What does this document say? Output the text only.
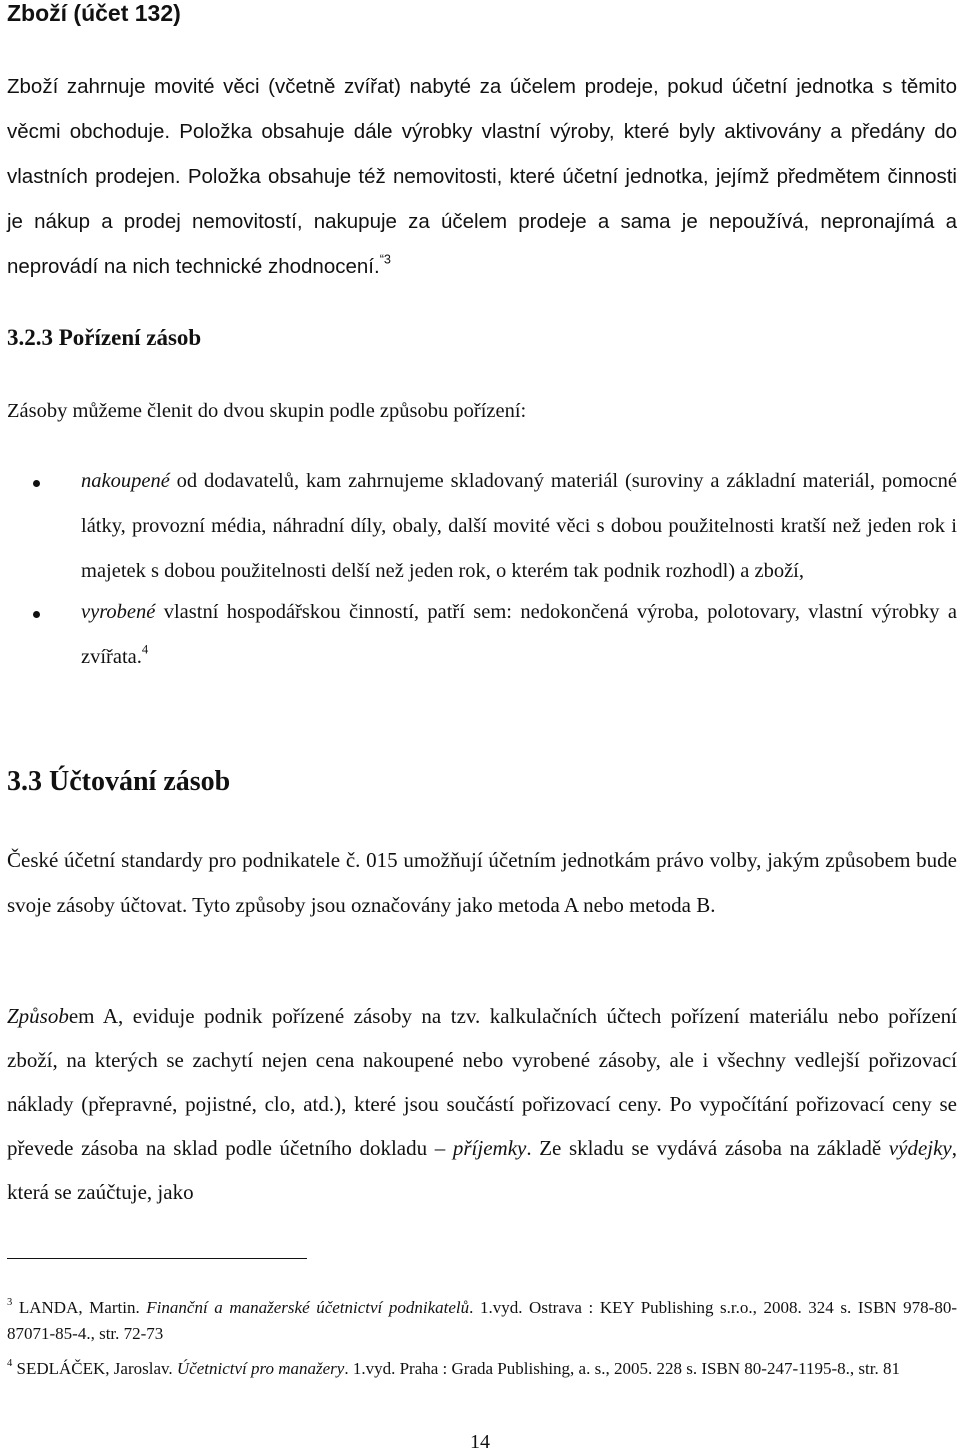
Zboží (účet 132)

Zboží zahrnuje movité věci (včetně zvířat) nabyté za účelem prodeje, pokud účetní jednotka s těmito věcmi obchoduje. Položka obsahuje dále výrobky vlastní výroby, které byly aktivovány a předány do vlastních prodejen. Položka obsahuje též nemovitosti, které účetní jednotka, jejímž předmětem činnosti je nákup a prodej nemovitostí, nakupuje za účelem prodeje a sama je nepoužívá, nepronajímá a neprovádí na nich technické zhodnocení.$^{“3}$

3.2.3 Pořízení zásob

Zásoby můžeme členit do dvou skupin podle způsobu pořízení:

nakoupené od dodavatelů, kam zahrnujeme skladovaný materiál (suroviny a základní materiál, pomocné látky, provozní média, náhradní díly, obaly, další movité věci s dobou použitelnosti kratší než jeden rok i majetek s dobou použitelnosti delší než jeden rok, o kterém tak podnik rozhodl) a zboží,
vyrobené vlastní hospodářskou činností, patří sem: nedokončená výroba, polotovary, vlastní výrobky a zvířata.$^4$
3.3 Účtování zásob

České účetní standardy pro podnikatele č. 015 umožňují účetním jednotkám právo volby, jakým způsobem bude svoje zásoby účtovat. Tyto způsoby jsou označovány jako metoda A nebo metoda B.

Způsobem A, eviduje podnik pořízené zásoby na tzv. kalkulačních účtech pořízení materiálu nebo pořízení zboží, na kterých se zachytí nejen cena nakoupené nebo vyrobené zásoby, ale i všechny vedlejší pořizovací náklady (přepravné, pojistné, clo, atd.), které jsou součástí pořizovací ceny. Po vypočítání pořizovací ceny se převede zásoba na sklad podle účetního dokladu – příjemky. Ze skladu se vydává zásoba na základě výdejky, která se zaúčtuje, jako

$^3$ LANDA, Martin. Finanční a manažerské účetnictví podnikatelů. 1.vyd. Ostrava : KEY Publishing s.r.o., 2008. 324 s. ISBN 978-80-87071-85-4., str. 72-73

$^4$ SEDLÁČEK, Jaroslav. Účetnictví pro manažery. 1.vyd. Praha : Grada Publishing, a. s., 2005. 228 s. ISBN 80-247-1195-8., str. 81

14
